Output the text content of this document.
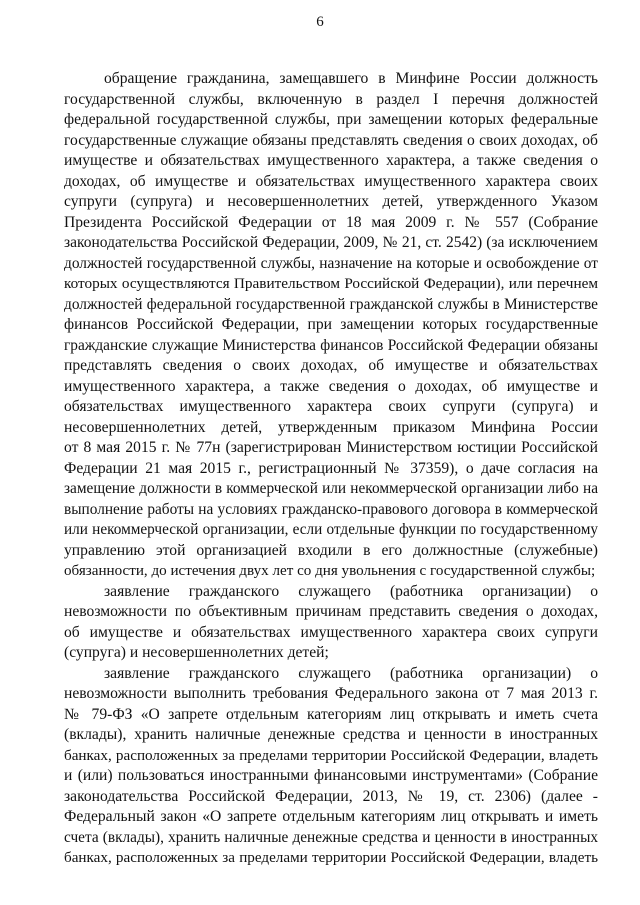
6
обращение гражданина, замещавшего в Минфине России должность
государственной службы, включенную в раздел I перечня должностей
федеральной государственной службы, при замещении которых федеральные
государственные служащие обязаны представлять сведения о своих доходах, об
имуществе и обязательствах имущественного характера, а также сведения о
доходах, об имуществе и обязательствах имущественного характера своих
супруги (супруга) и несовершеннолетних детей, утвержденного Указом
Президента Российской Федерации от 18 мая 2009 г. № 557 (Собрание
законодательства Российской Федерации, 2009, № 21, ст. 2542) (за исключением
должностей государственной службы, назначение на которые и освобождение от
которых осуществляются Правительством Российской Федерации), или перечнем
должностей федеральной государственной гражданской службы в Министерстве
финансов Российской Федерации, при замещении которых государственные
гражданские служащие Министерства финансов Российской Федерации обязаны
представлять сведения о своих доходах, об имуществе и обязательствах
имущественного характера, а также сведения о доходах, об имуществе и
обязательствах имущественного характера своих супруги (супруга) и
несовершеннолетних детей, утвержденным приказом Минфина России
от 8 мая 2015 г. № 77н (зарегистрирован Министерством юстиции Российской
Федерации 21 мая 2015 г., регистрационный № 37359), о даче согласия на
замещение должности в коммерческой или некоммерческой организации либо на
выполнение работы на условиях гражданско-правового договора в коммерческой
или некоммерческой организации, если отдельные функции по государственному
управлению этой организацией входили в его должностные (служебные)
обязанности, до истечения двух лет со дня увольнения с государственной службы;
заявление гражданского служащего (работника организации) о
невозможности по объективным причинам представить сведения о доходах,
об имуществе и обязательствах имущественного характера своих супруги
(супруга) и несовершеннолетних детей;
заявление гражданского служащего (работника организации) о
невозможности выполнить требования Федерального закона от 7 мая 2013 г.
№ 79-ФЗ «О запрете отдельным категориям лиц открывать и иметь счета
(вклады), хранить наличные денежные средства и ценности в иностранных
банках, расположенных за пределами территории Российской Федерации, владеть
и (или) пользоваться иностранными финансовыми инструментами» (Собрание
законодательства Российской Федерации, 2013, № 19, ст. 2306) (далее -
Федеральный закон «О запрете отдельным категориям лиц открывать и иметь
счета (вклады), хранить наличные денежные средства и ценности в иностранных
банках, расположенных за пределами территории Российской Федерации, владеть
